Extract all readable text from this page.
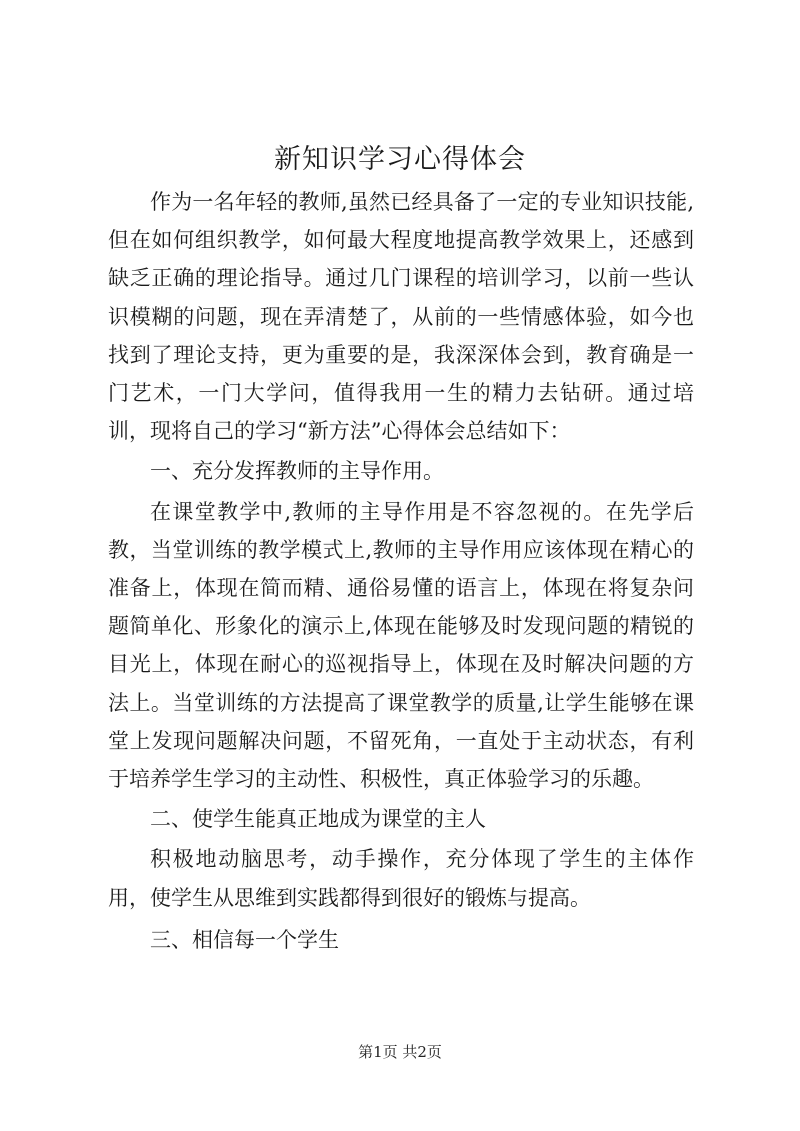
新知识学习心得体会

作为一名年轻的教师,虽然已经具备了一定的专业知识技能,但在如何组织教学，如何最大程度地提高教学效果上，还感到缺乏正确的理论指导。通过几门课程的培训学习，以前一些认识模糊的问题，现在弄清楚了，从前的一些情感体验，如今也找到了理论支持，更为重要的是，我深深体会到，教育确是一门艺术，一门大学问，值得我用一生的精力去钻研。通过培训，现将自己的学习“新方法”心得体会总结如下：

一、充分发挥教师的主导作用。

在课堂教学中,教师的主导作用是不容忽视的。在先学后教，当堂训练的教学模式上,教师的主导作用应该体现在精心的准备上，体现在简而精、通俗易懂的语言上，体现在将复杂问题简单化、形象化的演示上,体现在能够及时发现问题的精锐的目光上，体现在耐心的巡视指导上，体现在及时解决问题的方法上。当堂训练的方法提高了课堂教学的质量,让学生能够在课堂上发现问题解决问题，不留死角，一直处于主动状态，有利于培养学生学习的主动性、积极性，真正体验学习的乐趣。

二、使学生能真正地成为课堂的主人

积极地动脑思考，动手操作，充分体现了学生的主体作用，使学生从思维到实践都得到很好的锻炼与提高。

三、相信每一个学生

第1页 共2页
